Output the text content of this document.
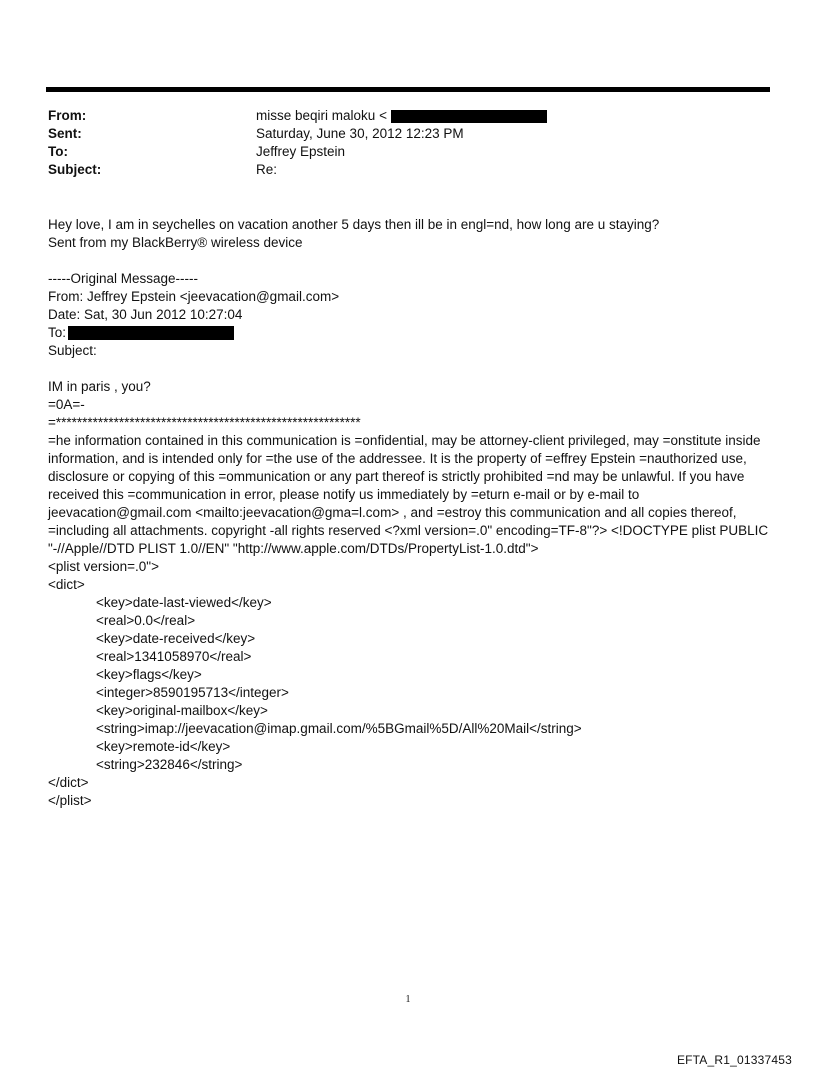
From:	misse beqiri maloku <
Sent:	Saturday, June 30, 2012 12:23 PM
To:	Jeffrey Epstein
Subject:	Re:
Hey love, I am in seychelles on vacation another 5 days then ill be in engl=nd, how long are u staying?
Sent from my BlackBerry® wireless device
-----Original Message-----
From: Jeffrey Epstein <jeevacation@gmail.com>
Date: Sat, 30 Jun 2012 10:27:04
To:
Subject:
IM in paris , you?
=0A=-
=**********************************************************
=he information contained in this communication is =onfidential, may be attorney-client privileged, may =onstitute inside information, and is intended only for =the use of the addressee. It is the property of =effrey Epstein =nauthorized use, disclosure or copying of this =ommunication or any part thereof is strictly prohibited =nd may be unlawful. If you have received this =communication in error, please notify us immediately by =eturn e-mail or by e-mail to jeevacation@gmail.com <mailto:jeevacation@gma=l.com> , and =estroy this communication and all copies thereof, =including all attachments. copyright -all rights reserved <?xml version=.0" encoding=TF-8"?> <!DOCTYPE plist PUBLIC "-//Apple//DTD PLIST 1.0//EN" "http://www.apple.com/DTDs/PropertyList-1.0.dtd">
<plist version=.0">
<dict>
<key>date-last-viewed</key>
<real>0.0</real>
<key>date-received</key>
<real>1341058970</real>
<key>flags</key>
<integer>8590195713</integer>
<key>original-mailbox</key>
<string>imap://jeevacation@imap.gmail.com/%5BGmail%5D/All%20Mail</string>
<key>remote-id</key>
<string>232846</string>
</dict>
</plist>
1
EFTA_R1_01337453
